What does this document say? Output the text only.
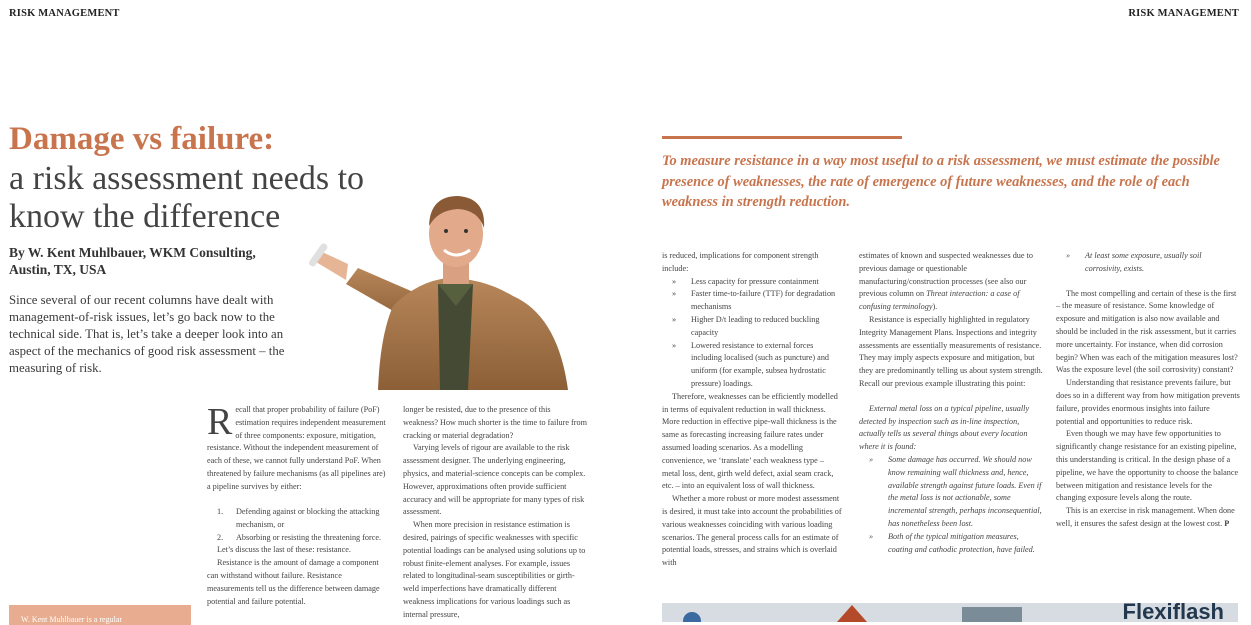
RISK MANAGEMENT	RISK MANAGEMENT
Damage vs failure:
a risk assessment needs to know the difference
By W. Kent Muhlbauer, WKM Consulting, Austin, TX, USA
Since several of our recent columns have dealt with management-of-risk issues, let’s go back now to the technical side. That is, let’s take a deeper look into an aspect of the mechanics of good risk assessment – the measuring of risk.
R ecall that proper probability of failure (PoF) estimation requires independent measurement of three components: exposure, mitigation, resistance. Without the independent measurement of each of these, we cannot fully understand PoF. When threatened by failure mechanisms (as all pipelines are) a pipeline survives by either:

1. Defending against or blocking the attacking mechanism, or
2. Absorbing or resisting the threatening force.

Let’s discuss the last of these: resistance.

Resistance is the amount of damage a component can withstand without failure. Resistance measurements tell us the difference between damage potential and failure potential.

W. Kent Muhlbauer is a regular

longer be resisted, due to the presence of this weakness? How much shorter is the time to failure from cracking or material degradation?

Varying levels of rigour are available to the risk assessment designer. The underlying engineering, physics, and material-science concepts can be complex. However, approximations often provide sufficient accuracy and will be appropriate for many types of risk assessment.

When more precision in resistance estimation is desired, pairings of specific weaknesses with specific potential loadings can be analysed using solutions up to robust finite-element analyses. For example, issues related to longitudinal-seam susceptibilities or girth-weld imperfections have dramatically different weakness implications for various loadings such as internal pressure,

To measure resistance in a way most useful to a risk assessment, we must estimate the possible presence of weaknesses, the rate of emergence of future weaknesses, and the role of each weakness in strength reduction.

is reduced, implications for component strength include:

» Less capacity for pressure containment
» Faster time-to-failure (TTF) for degradation mechanisms
» Higher D/t leading to reduced buckling capacity
» Lowered resistance to external forces including localised (such as puncture) and uniform (for example, subsea hydrostatic pressure) loadings.

Therefore, weaknesses can be efficiently modelled in terms of equivalent reduction in wall thickness. More reduction in effective pipe-wall thickness is the same as forecasting increasing failure rates under assumed loading scenarios. As a modelling convenience, we ‘translate’ each weakness type – metal loss, dent, girth weld defect, axial seam crack, etc. – into an equivalent loss of wall thickness.

Whether a more robust or more modest assessment is desired, it must take into account the probabilities of various weaknesses coinciding with various loading scenarios. The general process calls for an estimate of potential loads, stresses, and strains which is overlaid with

estimates of known and suspected weaknesses due to previous damage or questionable manufacturing/construction processes (see also our previous column on Threat interaction: a case of confusing terminology).

Resistance is especially highlighted in regulatory Integrity Management Plans. Inspections and integrity assessments are essentially measurements of resistance. They may imply aspects exposure and mitigation, but they are predominantly telling us about system strength. Recall our previous example illustrating this point:

External metal loss on a typical pipeline, usually detected by inspection such as in-line inspection, actually tells us several things about every location where it is found:

» Some damage has occurred. We should now know remaining wall thickness and, hence, available strength against future loads. Even if the metal loss is not actionable, some incremental strength, perhaps inconsequential, has nonetheless been lost.
» Both of the typical mitigation measures, coating and cathodic protection, have failed.
» At least some exposure, usually soil corrosivity, exists.

The most compelling and certain of these is the first – the measure of resistance. Some knowledge of exposure and mitigation is also now available and should be included in the risk assessment, but it carries more uncertainty. For instance, when did corrosion begin? When was each of the mitigation measures lost? Was the exposure level (the soil corrosivity) constant?

Understanding that resistance prevents failure, but does so in a different way from how mitigation prevents failure, provides enormous insights into failure potential and opportunities to reduce risk.

Even though we may have few opportunities to significantly change resistance for an existing pipeline, this understanding is critical. In the design phase of a pipeline, we have the opportunity to choose the balance between mitigation and resistance levels for the changing exposure levels along the route.

This is an exercise in risk management. When done well, it ensures the safest design at the lowest cost. P

Flexiflash
